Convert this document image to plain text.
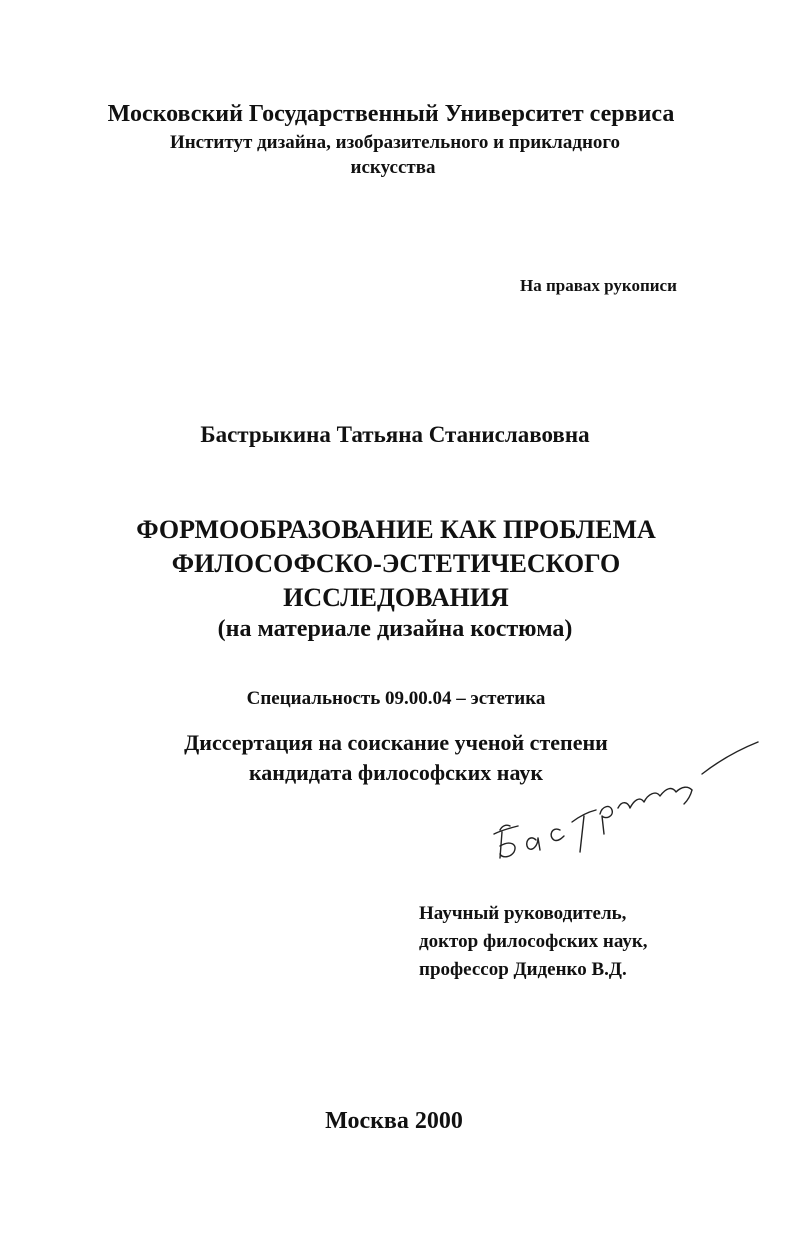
Московский Государственный Университет сервиса
Институт дизайна, изобразительного и прикладного
искусства
На правах рукописи
Бастрыкина Татьяна Станиславовна
ФОРМООБРАЗОВАНИЕ КАК ПРОБЛЕМА
ФИЛОСОФСКО-ЭСТЕТИЧЕСКОГО
ИССЛЕДОВАНИЯ
(на материале дизайна костюма)
Специальность 09.00.04 – эстетика
Диссертация на соискание ученой степени
кандидата философских наук
Научный руководитель,
доктор философских наук,
профессор Диденко В.Д.
Москва 2000
